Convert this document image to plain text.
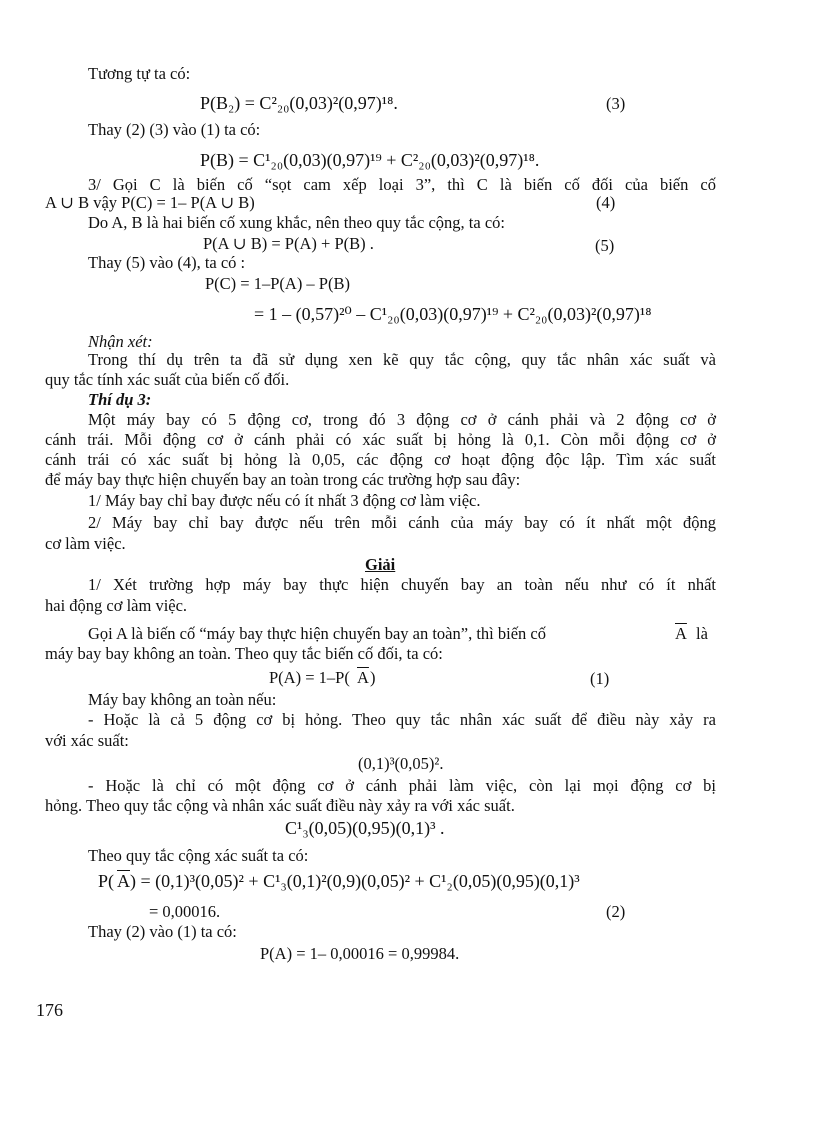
Tương tự ta có:
P(B₂) = C²₂₀(0,03)²(0,97)¹⁸.	(3)
Thay (2) (3) vào (1) ta có:
P(B) = C¹₂₀(0,03)(0,97)¹⁹ + C²₂₀(0,03)²(0,97)¹⁸.
3/ Gọi C là biến cố “sọt cam xếp loại 3”, thì C là biến cố đối của biến cố
A ∪ B vậy P(C) = 1– P(A ∪ B)	(4)
Do A, B là hai biến cố xung khắc, nên theo quy tắc cộng, ta có:
P(A ∪ B) = P(A) + P(B) .	(5)
Thay (5) vào (4), ta có :
P(C) = 1–P(A) – P(B)
= 1 – (0,57)²⁰ – C¹₂₀(0,03)(0,97)¹⁹ + C²₂₀(0,03)²(0,97)¹⁸
Nhận xét:
Trong thí dụ trên ta đã sử dụng xen kẽ quy tắc cộng, quy tắc nhân xác suất và
quy tắc tính xác suất của biến cố đối.
Thí dụ 3:
Một máy bay có 5 động cơ, trong đó 3 động cơ ở cánh phải và 2 động cơ ở
cánh trái. Mỗi động cơ ở cánh phải có xác suất bị hỏng là 0,1. Còn mỗi động cơ ở
cánh trái có xác suất bị hỏng là 0,05, các động cơ hoạt động độc lập. Tìm xác suất
để máy bay thực hiện chuyến bay an toàn trong các trường hợp sau đây:
1/ Máy bay chỉ bay được nếu có ít nhất 3 động cơ làm việc.
2/ Máy bay chỉ bay được nếu trên mỗi cánh của máy bay có ít nhất một động
cơ làm việc.
Giải
1/ Xét trường hợp máy bay thực hiện chuyến bay an toàn nếu như có ít nhất
hai động cơ làm việc.
Gọi A là biến cố “máy bay thực hiện chuyến bay an toàn”, thì biến cố	$\overline{A}$ là
máy bay bay không an toàn. Theo quy tắc biến cố đối, ta có:
P(A) = 1–P( $\overline{A}$ )	(1)
Máy bay không an toàn nếu:
- Hoặc là cả 5 động cơ bị hỏng. Theo quy tắc nhân xác suất để điều này xảy ra
với xác suất:
(0,1)³(0,05)².
- Hoặc là chỉ có một động cơ ở cánh phải làm việc, còn lại mọi động cơ bị
hỏng. Theo quy tắc cộng và nhân xác suất điều này xảy ra với xác suất.
C¹₃(0,05)(0,95)(0,1)³ .
Theo quy tắc cộng xác suất ta có:
P( $\overline{A}$ ) = (0,1)³(0,05)² + C¹₃(0,1)²(0,9)(0,05)² + C¹₂(0,05)(0,95)(0,1)³
= 0,00016.	(2)
Thay (2) vào (1) ta có:
P(A) = 1– 0,00016 = 0,99984.
176
